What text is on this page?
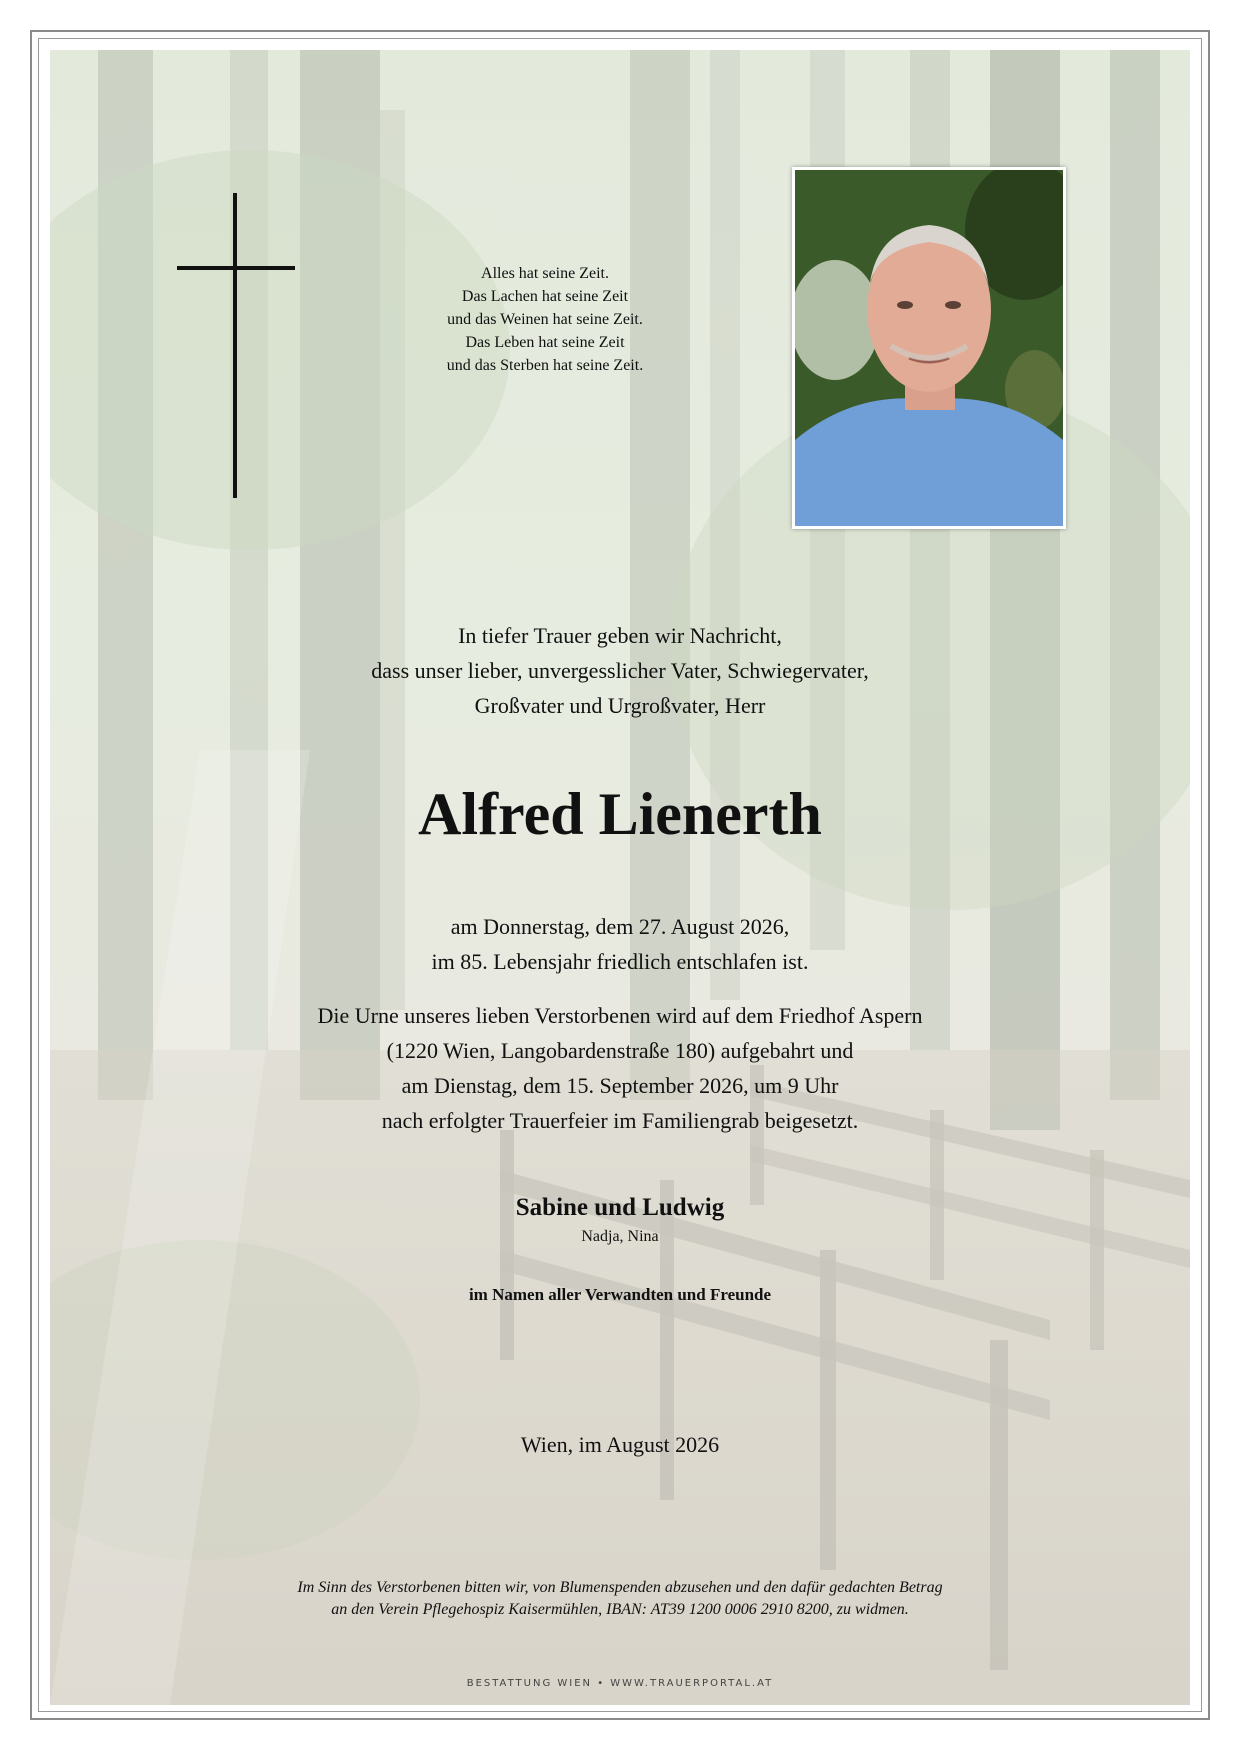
Alles hat seine Zeit.
Das Lachen hat seine Zeit
und das Weinen hat seine Zeit.
Das Leben hat seine Zeit
und das Sterben hat seine Zeit.
In tiefer Trauer geben wir Nachricht,
dass unser lieber, unvergesslicher Vater, Schwiegervater,
Großvater und Urgroßvater, Herr
Alfred Lienerth
am Donnerstag, dem 27. August 2026,
im 85. Lebensjahr friedlich entschlafen ist.
Die Urne unseres lieben Verstorbenen wird auf dem Friedhof Aspern
(1220 Wien, Langobardenstraße 180) aufgebahrt und
am Dienstag, dem 15. September 2026, um 9 Uhr
nach erfolgter Trauerfeier im Familiengrab beigesetzt.
Sabine und Ludwig
Nadja, Nina
im Namen aller Verwandten und Freunde
Wien, im August 2026
Im Sinn des Verstorbenen bitten wir, von Blumenspenden abzusehen und den dafür gedachten Betrag
an den Verein Pflegehospiz Kaisermühlen, IBAN: AT39 1200 0006 2910 8200, zu widmen.
BESTATTUNG WIEN • WWW.TRAUERPORTAL.AT
